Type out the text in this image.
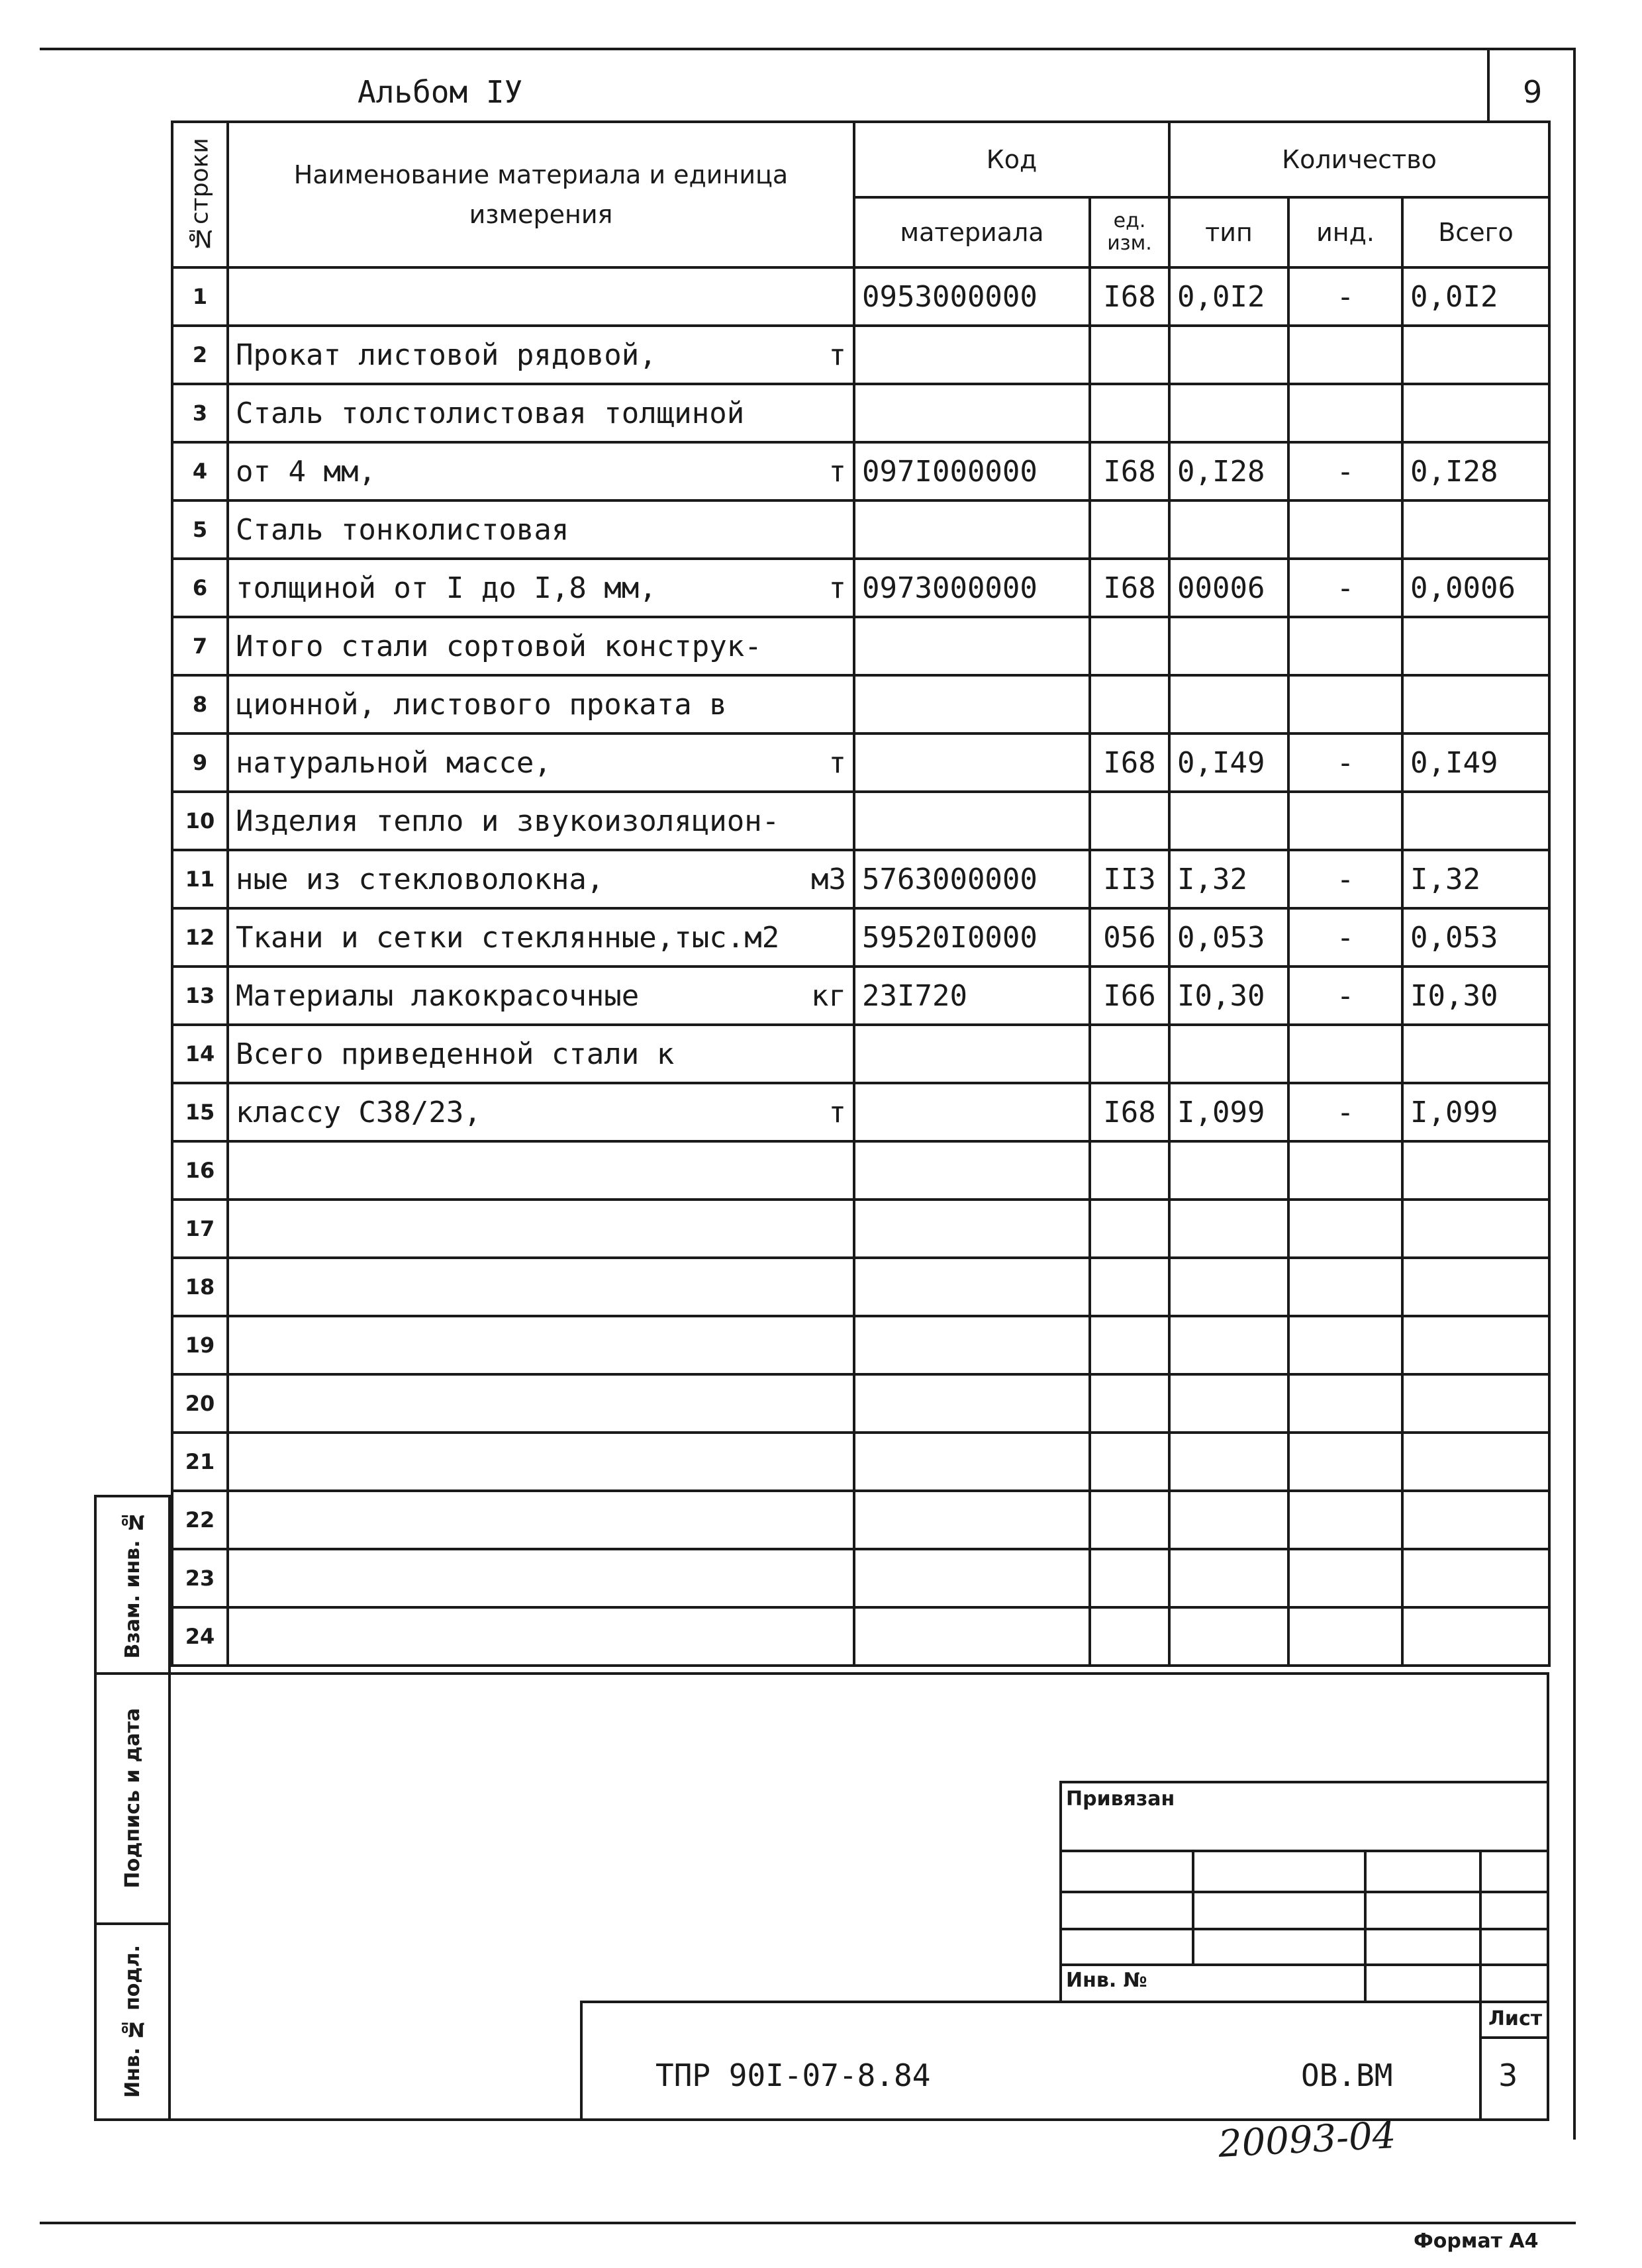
Альбом IУ	9
№строки	Наименование материала и единица измерения	Код		Количество		
		материала	ед. изм.	тип	инд.	Всего
1		0953000000	I68	0,0I2	-	0,0I2
2	Прокат листовой рядовой, т					

3	Сталь толстолистовая толщиной					

4	от 4 мм, т	097I000000	I68	0,I28	-	0,I28
5	Сталь тонколистовая					

6	толщиной от I до I,8 мм, т	0973000000	I68	00006	-	0,0006
7	Итого стали сортовой конструк-					

8	ционной, листового проката в					

9	натуральной массе, т		I68	0,I49	-	0,I49
10	Изделия тепло и звукоизоляцион-					

11	ные из стекловолокна, м3	5763000000	II3	I,32	-	I,32
12	Ткани и сетки стеклянные,тыс.м2	59520I0000	056	0,053	-	0,053
13	Материалы лакокрасочные кг	23I720	I66	I0,30	-	I0,30
14	Всего приведенной стали к					

15	классу С38/23, т		I68	I,099	-	I,099
16	

17	

18	

19	

20	

21	

22	

23	

24	

Взам. инв. №
Подпись и дата
Инв. № подл.
Привязан
Инв. №
ТПР 90I-07-8.84	ОВ.ВМ
Лист
3
20093-04
Формат А4
